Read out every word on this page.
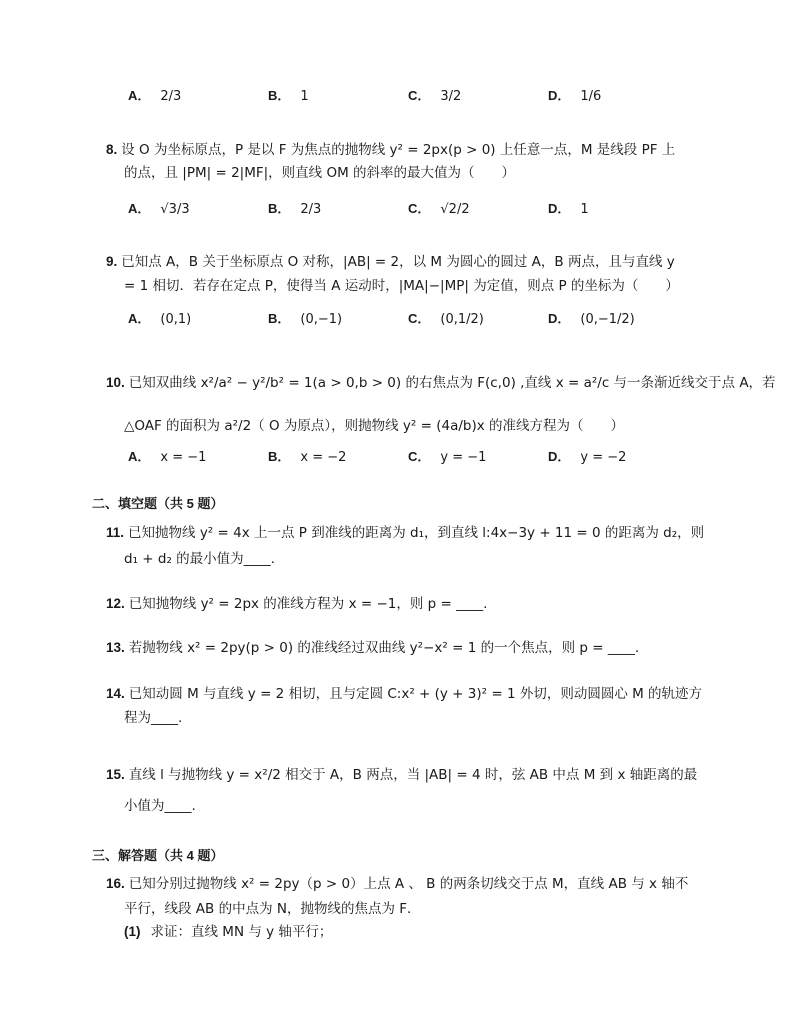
A． 2/3	B． 1	C． 3/2	D． 1/6
8. 设 O 为坐标原点，P 是以 F 为焦点的抛物线 y² = 2px(p > 0) 上任意一点，M 是线段 PF 上
的点，且 |PM| = 2|MF|，则直线 OM 的斜率的最大值为（　　）
A． √3/3	B． 2/3	C． √2/2	D． 1
9. 已知点 A，B 关于坐标原点 O 对称，|AB| = 2，以 M 为圆心的圆过 A，B 两点，且与直线 y
= 1 相切．若存在定点 P，使得当 A 运动时，|MA|−|MP| 为定值，则点 P 的坐标为（　　）
A． (0,1)	B． (0,−1)	C． (0,1/2)	D． (0,−1/2)
10. 已知双曲线 x²/a² − y²/b² = 1(a > 0,b > 0) 的右焦点为 F(c,0) ,直线 x = a²/c 与一条渐近线交于点 A，若
△OAF 的面积为 a²/2（ O 为原点），则抛物线 y² = (4a/b)x 的准线方程为（　　）
A． x = −1	B． x = −2	C． y = −1	D． y = −2
二、填空题（共 5 题）
11. 已知抛物线 y² = 4x 上一点 P 到准线的距离为 d₁，到直线 l:4x−3y + 11 = 0 的距离为 d₂，则
d₁ + d₂ 的最小值为____.
12. 已知抛物线 y² = 2px 的准线方程为 x = −1，则 p = ____.
13. 若抛物线 x² = 2py(p > 0) 的准线经过双曲线 y²−x² = 1 的一个焦点，则 p = ____.
14. 已知动圆 M 与直线 y = 2 相切，且与定圆 C:x² + (y + 3)² = 1 外切，则动圆圆心 M 的轨迹方
程为____.
15. 直线 l 与抛物线 y = x²/2 相交于 A，B 两点，当 |AB| = 4 时，弦 AB 中点 M 到 x 轴距离的最
小值为____.
三、解答题（共 4 题）
16. 已知分别过抛物线 x² = 2py（p > 0）上点 A 、 B 的两条切线交于点 M，直线 AB 与 x 轴不
平行，线段 AB 的中点为 N，抛物线的焦点为 F．
(1) 求证：直线 MN 与 y 轴平行；
